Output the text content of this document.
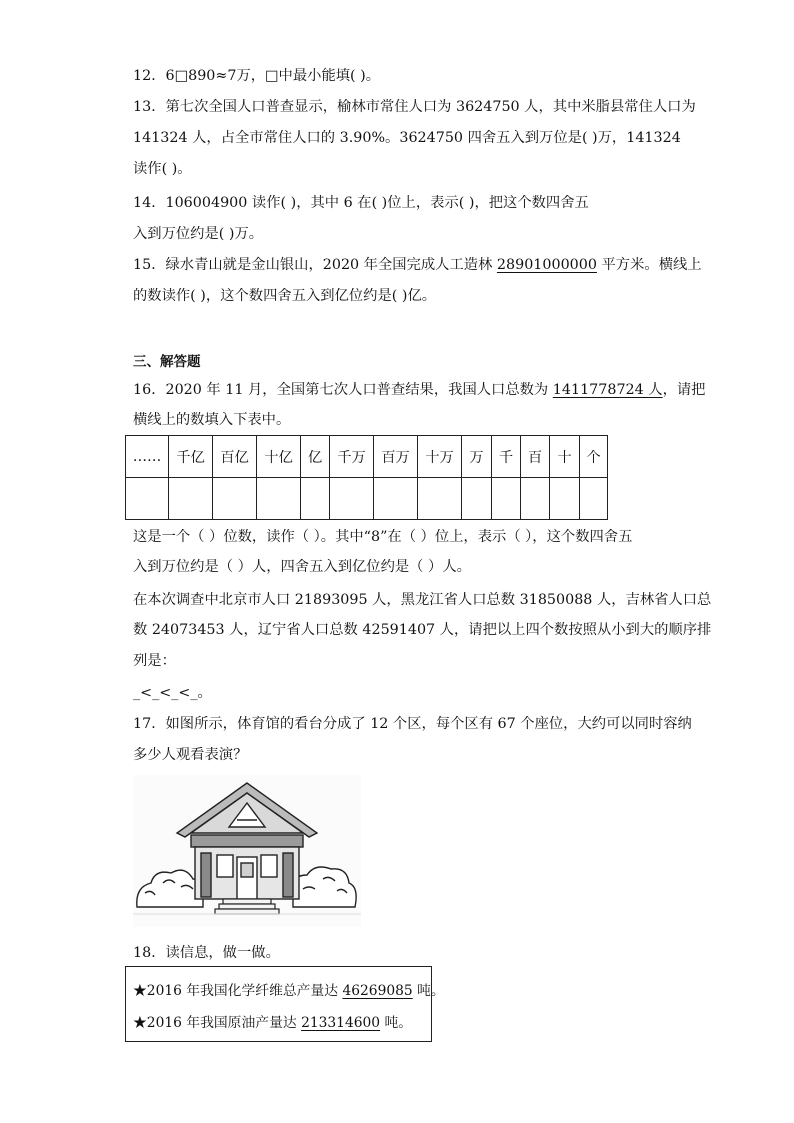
12．6□890≈7万，□中最小能填( )。
13．第七次全国人口普查显示，榆林市常住人口为 3624750 人，其中米脂县常住人口为
141324 人，占全市常住人口的 3.90%。3624750 四舍五入到万位是( )万，141324
读作( )。
14．106004900 读作( )，其中 6 在( )位上，表示( )，把这个数四舍五
入到万位约是( )万。
15．绿水青山就是金山银山，2020 年全国完成人工造林 28901000000 平方米。横线上
的数读作( )，这个数四舍五入到亿位约是( )亿。
三、解答题
16．2020 年 11 月，全国第七次人口普查结果，我国人口总数为 1411778724 人，请把
横线上的数填入下表中。
……	千亿	百亿	十亿	亿	千万	百万	十万	万	千	百	十	个

这是一个（ ）位数，读作（ ）。其中“8”在（ ）位上，表示（ ），这个数四舍五
入到万位约是（ ）人，四舍五入到亿位约是（ ）人。
在本次调查中北京市人口 21893095 人，黑龙江省人口总数 31850088 人，吉林省人口总
数 24073453 人，辽宁省人口总数 42591407 人，请把以上四个数按照从小到大的顺序排
列是：
_<_<_<_。
17．如图所示，体育馆的看台分成了 12 个区，每个区有 67 个座位，大约可以同时容纳
多少人观看表演？
18．读信息，做一做。
★2016 年我国化学纤维总产量达 46269085 吨。
★2016 年我国原油产量达 213314600 吨。
